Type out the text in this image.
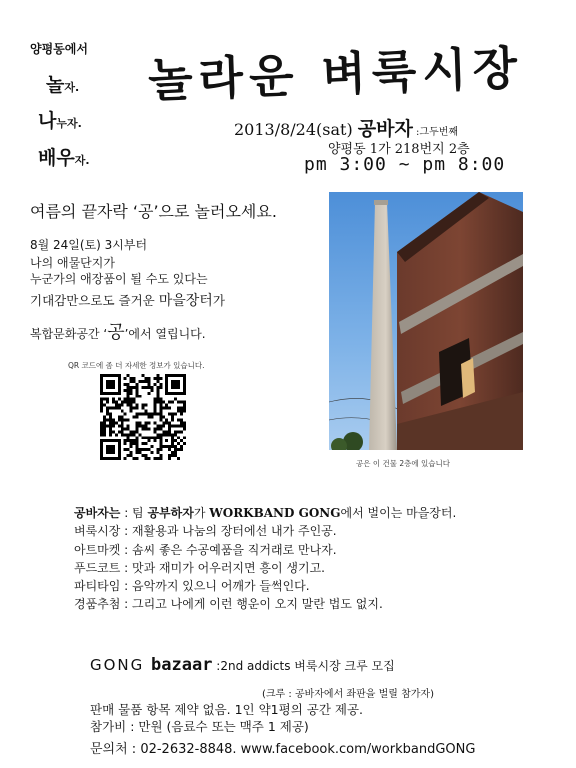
양평동에서
놀자.
나누자.
배우자.
놀라운 벼룩시장
2013/8/24(sat) 공바자 :그두번째
양평동 1가 218번지 2층
pm 3:00 ~ pm 8:00
여름의 끝자락 ‘공’으로 놀러오세요.
8월 24일(토) 3시부터
나의 애물단지가
누군가의 애장품이 될 수도 있다는
기대감만으로도 즐거운 마을장터가
복합문화공간 ‘공’에서 열립니다.
QR 코드에 좀 더 자세한 정보가 있습니다.
공은 이 건물 2층에 있습니다
공바자는 : 팀 공부하자가 WORKBAND GONG에서 벌이는 마을장터.
벼룩시장 : 재활용과 나눔의 장터에선 내가 주인공.
아트마켓 : 솜씨 좋은 수공예품을 직거래로 만나자.
푸드코트 : 맛과 재미가 어우러지면 흥이 생기고.
파티타임 : 음악까지 있으니 어깨가 들썩인다.
경품추첨 : 그리고 나에게 이런 행운이 오지 말란 법도 없지.
GONG bazaar :2nd addicts 벼룩시장 크루 모집
(크루 : 공바자에서 좌판을 벌릴 참가자)
판매 물품 항목 제약 없음. 1인 약1평의 공간 제공.
참가비 : 만원 (음료수 또는 맥주 1 제공)
문의처 : 02-2632-8848. www.facebook.com/workbandGONG
